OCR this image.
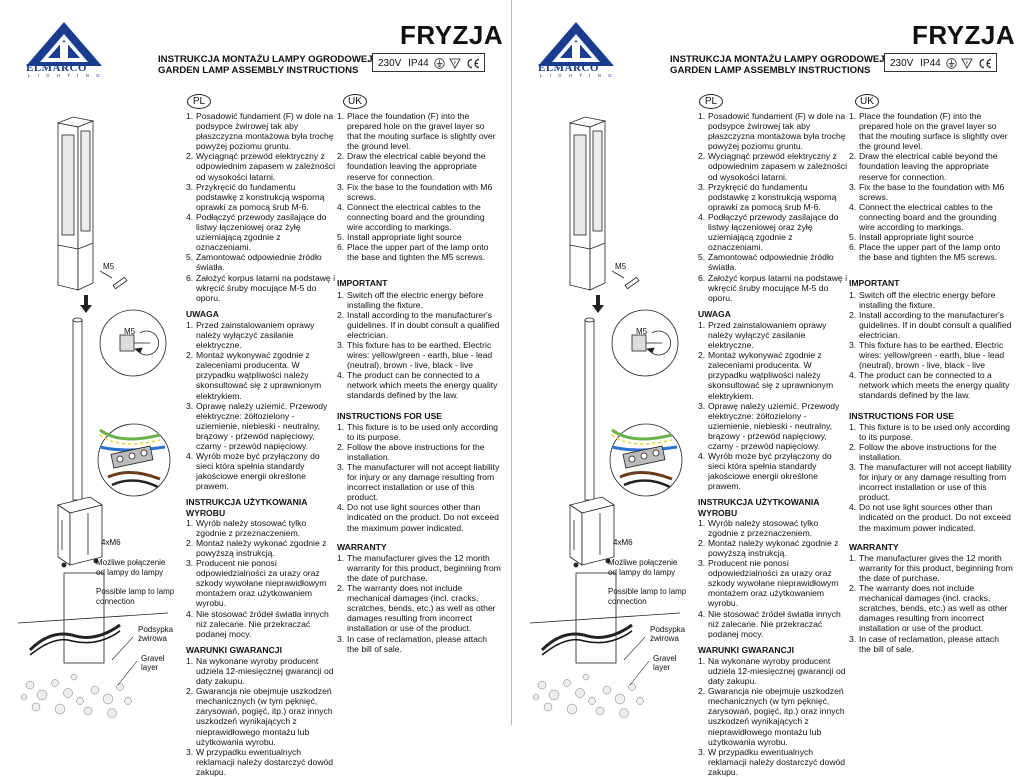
ELMARCO
L I G H T I N G
FRYZJA
INSTRUKCJA MONTAŻU LAMPY OGRODOWEJ
GARDEN LAMP ASSEMBLY INSTRUCTIONS
230V IP44	F

PL	UK
M5
M5
4xM6
Możliwe połączenie
od lampy do lampy
Possible lamp to lamp
connection
Podsypka
żwirowa
Gravel
layer
1. Posadowić fundament (F) w dole na podsypce żwirowej tak aby płaszczyzna montażowa była trochę powyżej poziomu gruntu.
2. Wyciągnąć przewód elektryczny z odpowiednim zapasem w zależności od wysokości latarni.
3. Przykręcić do fundamentu podstawkę z konstrukcją wsporną oprawki za pomocą śrub M-6.
4. Podłączyć przewody zasilające do listwy łączeniowej oraz żyłę uziemiającą zgodnie z oznaczeniami.
5. Zamontować odpowiednie źródło światła.
6. Założyć korpus latarni na podstawę i wkręcić śruby mocujące M-5 do oporu.
UWAGA
1. Przed zainstalowaniem oprawy należy wyłączyć zasilanie elektryczne.
2. Montaż wykonywać zgodnie z zaleceniami producenta. W przypadku wątpliwości należy skonsultować się z uprawnionym elektrykiem.
3. Oprawę należy uziemić. Przewody elektryczne: żółtozielony - uziemienie, niebieski - neutralny, brązowy - przewód napięciowy, czarny - przewód napięciowy.
4. Wyrób może być przyłączony do sieci która spełnia standardy jakościowe energii określone prawem.
INSTRUKCJA UŻYTKOWANIA
WYROBU
1. Wyrób należy stosować tylko zgodnie z przeznaczeniem.
2. Montaż należy wykonać zgodnie z powyższą instrukcją.
3. Producent nie ponosi odpowiedzialności za urazy oraz szkody wywołane nieprawidłowym montażem oraz użytkowaniem wyrobu.
4. Nie stosować źródeł światła innych niż zalecane. Nie przekraczać podanej mocy.
WARUNKI GWARANCJI
1. Na wykonane wyroby producent udziela 12-miesięcznej gwarancji od daty zakupu.
2. Gwarancja nie obejmuje uszkodzeń mechanicznych (w tym pęknięć, zarysowań, pogięć, itp.) oraz innych uszkodzeń wynikających z nieprawidłowego montażu lub użytkowania wyrobu.
3. W przypadku ewentualnych reklamacji należy dostarczyć dowód zakupu.
1. Place the foundation (F) into the prepared hole on the gravel layer so that the mouting surface is slightly over the ground level.
2. Draw the electrical cable beyond the foundation leaving the appropriate reserve for connection.
3. Fix the base to the foundation with M6 screws.
4. Connect the electrical cables to the connecting board and the grounding wire according to markings.
5. Install appropriate light source
6. Place the upper part of the lamp onto the base and tighten the M5 screws.
IMPORTANT
1. Switch off the electric energy before installing the fixture.
2. Install according to the manufacturer's guidelines. If in doubt consult a qualified electrician.
3. This fixture has to be earthed. Electric wires: yellow/green - earth, blue - lead (neutral), brown - live, black - live
4. The product can be connected to a network which meets the energy quality standards defined by the law.
INSTRUCTIONS FOR USE
1. This fixture is to be used only according to its purpose.
2. Follow the above instructions for the installation.
3. The manufacturer will not accept liability for injury or any damage resulting from incorrect installation or use of this product.
4. Do not use light sources other than indicated on the product. Do not exceed the maximum power indicated.
WARRANTY
1. The manufacturer gives the 12 month warranty for this product, beginning from the date of purchase.
2. The warranty does not include mechanical damages (incl. cracks, scratches, bends, etc.) as well as other damages resulting from incorrect installation or use of the product.
3. In case of reclamation, please attach the bill of sale.
ELMARCO
L I G H T I N G
FRYZJA
INSTRUKCJA MONTAŻU LAMPY OGRODOWEJ
GARDEN LAMP ASSEMBLY INSTRUCTIONS
230V IP44	F

PL	UK
M5
M5
4xM6
Możliwe połączenie
od lampy do lampy
Possible lamp to lamp
connection
Podsypka
żwirowa
Gravel
layer
1. Posadowić fundament (F) w dole na podsypce żwirowej tak aby płaszczyzna montażowa była trochę powyżej poziomu gruntu.
2. Wyciągnąć przewód elektryczny z odpowiednim zapasem w zależności od wysokości latarni.
3. Przykręcić do fundamentu podstawkę z konstrukcją wsporną oprawki za pomocą śrub M-6.
4. Podłączyć przewody zasilające do listwy łączeniowej oraz żyłę uziemiającą zgodnie z oznaczeniami.
5. Zamontować odpowiednie źródło światła.
6. Założyć korpus latarni na podstawę i wkręcić śruby mocujące M-5 do oporu.
UWAGA
1. Przed zainstalowaniem oprawy należy wyłączyć zasilanie elektryczne.
2. Montaż wykonywać zgodnie z zaleceniami producenta. W przypadku wątpliwości należy skonsultować się z uprawnionym elektrykiem.
3. Oprawę należy uziemić. Przewody elektryczne: żółtozielony - uziemienie, niebieski - neutralny, brązowy - przewód napięciowy, czarny - przewód napięciowy.
4. Wyrób może być przyłączony do sieci która spełnia standardy jakościowe energii określone prawem.
INSTRUKCJA UŻYTKOWANIA
WYROBU
1. Wyrób należy stosować tylko zgodnie z przeznaczeniem.
2. Montaż należy wykonać zgodnie z powyższą instrukcją.
3. Producent nie ponosi odpowiedzialności za urazy oraz szkody wywołane nieprawidłowym montażem oraz użytkowaniem wyrobu.
4. Nie stosować źródeł światła innych niż zalecane. Nie przekraczać podanej mocy.
WARUNKI GWARANCJI
1. Na wykonane wyroby producent udziela 12-miesięcznej gwarancji od daty zakupu.
2. Gwarancja nie obejmuje uszkodzeń mechanicznych (w tym pęknięć, zarysowań, pogięć, itp.) oraz innych uszkodzeń wynikających z nieprawidłowego montażu lub użytkowania wyrobu.
3. W przypadku ewentualnych reklamacji należy dostarczyć dowód zakupu.
1. Place the foundation (F) into the prepared hole on the gravel layer so that the mouting surface is slightly over the ground level.
2. Draw the electrical cable beyond the foundation leaving the appropriate reserve for connection.
3. Fix the base to the foundation with M6 screws.
4. Connect the electrical cables to the connecting board and the grounding wire according to markings.
5. Install appropriate light source
6. Place the upper part of the lamp onto the base and tighten the M5 screws.
IMPORTANT
1. Switch off the electric energy before installing the fixture.
2. Install according to the manufacturer's guidelines. If in doubt consult a qualified electrician.
3. This fixture has to be earthed. Electric wires: yellow/green - earth, blue - lead (neutral), brown - live, black - live
4. The product can be connected to a network which meets the energy quality standards defined by the law.
INSTRUCTIONS FOR USE
1. This fixture is to be used only according to its purpose.
2. Follow the above instructions for the installation.
3. The manufacturer will not accept liability for injury or any damage resulting from incorrect installation or use of this product.
4. Do not use light sources other than indicated on the product. Do not exceed the maximum power indicated.
WARRANTY
1. The manufacturer gives the 12 month warranty for this product, beginning from the date of purchase.
2. The warranty does not include mechanical damages (incl. cracks, scratches, bends, etc.) as well as other damages resulting from incorrect installation or use of the product.
3. In case of reclamation, please attach the bill of sale.
